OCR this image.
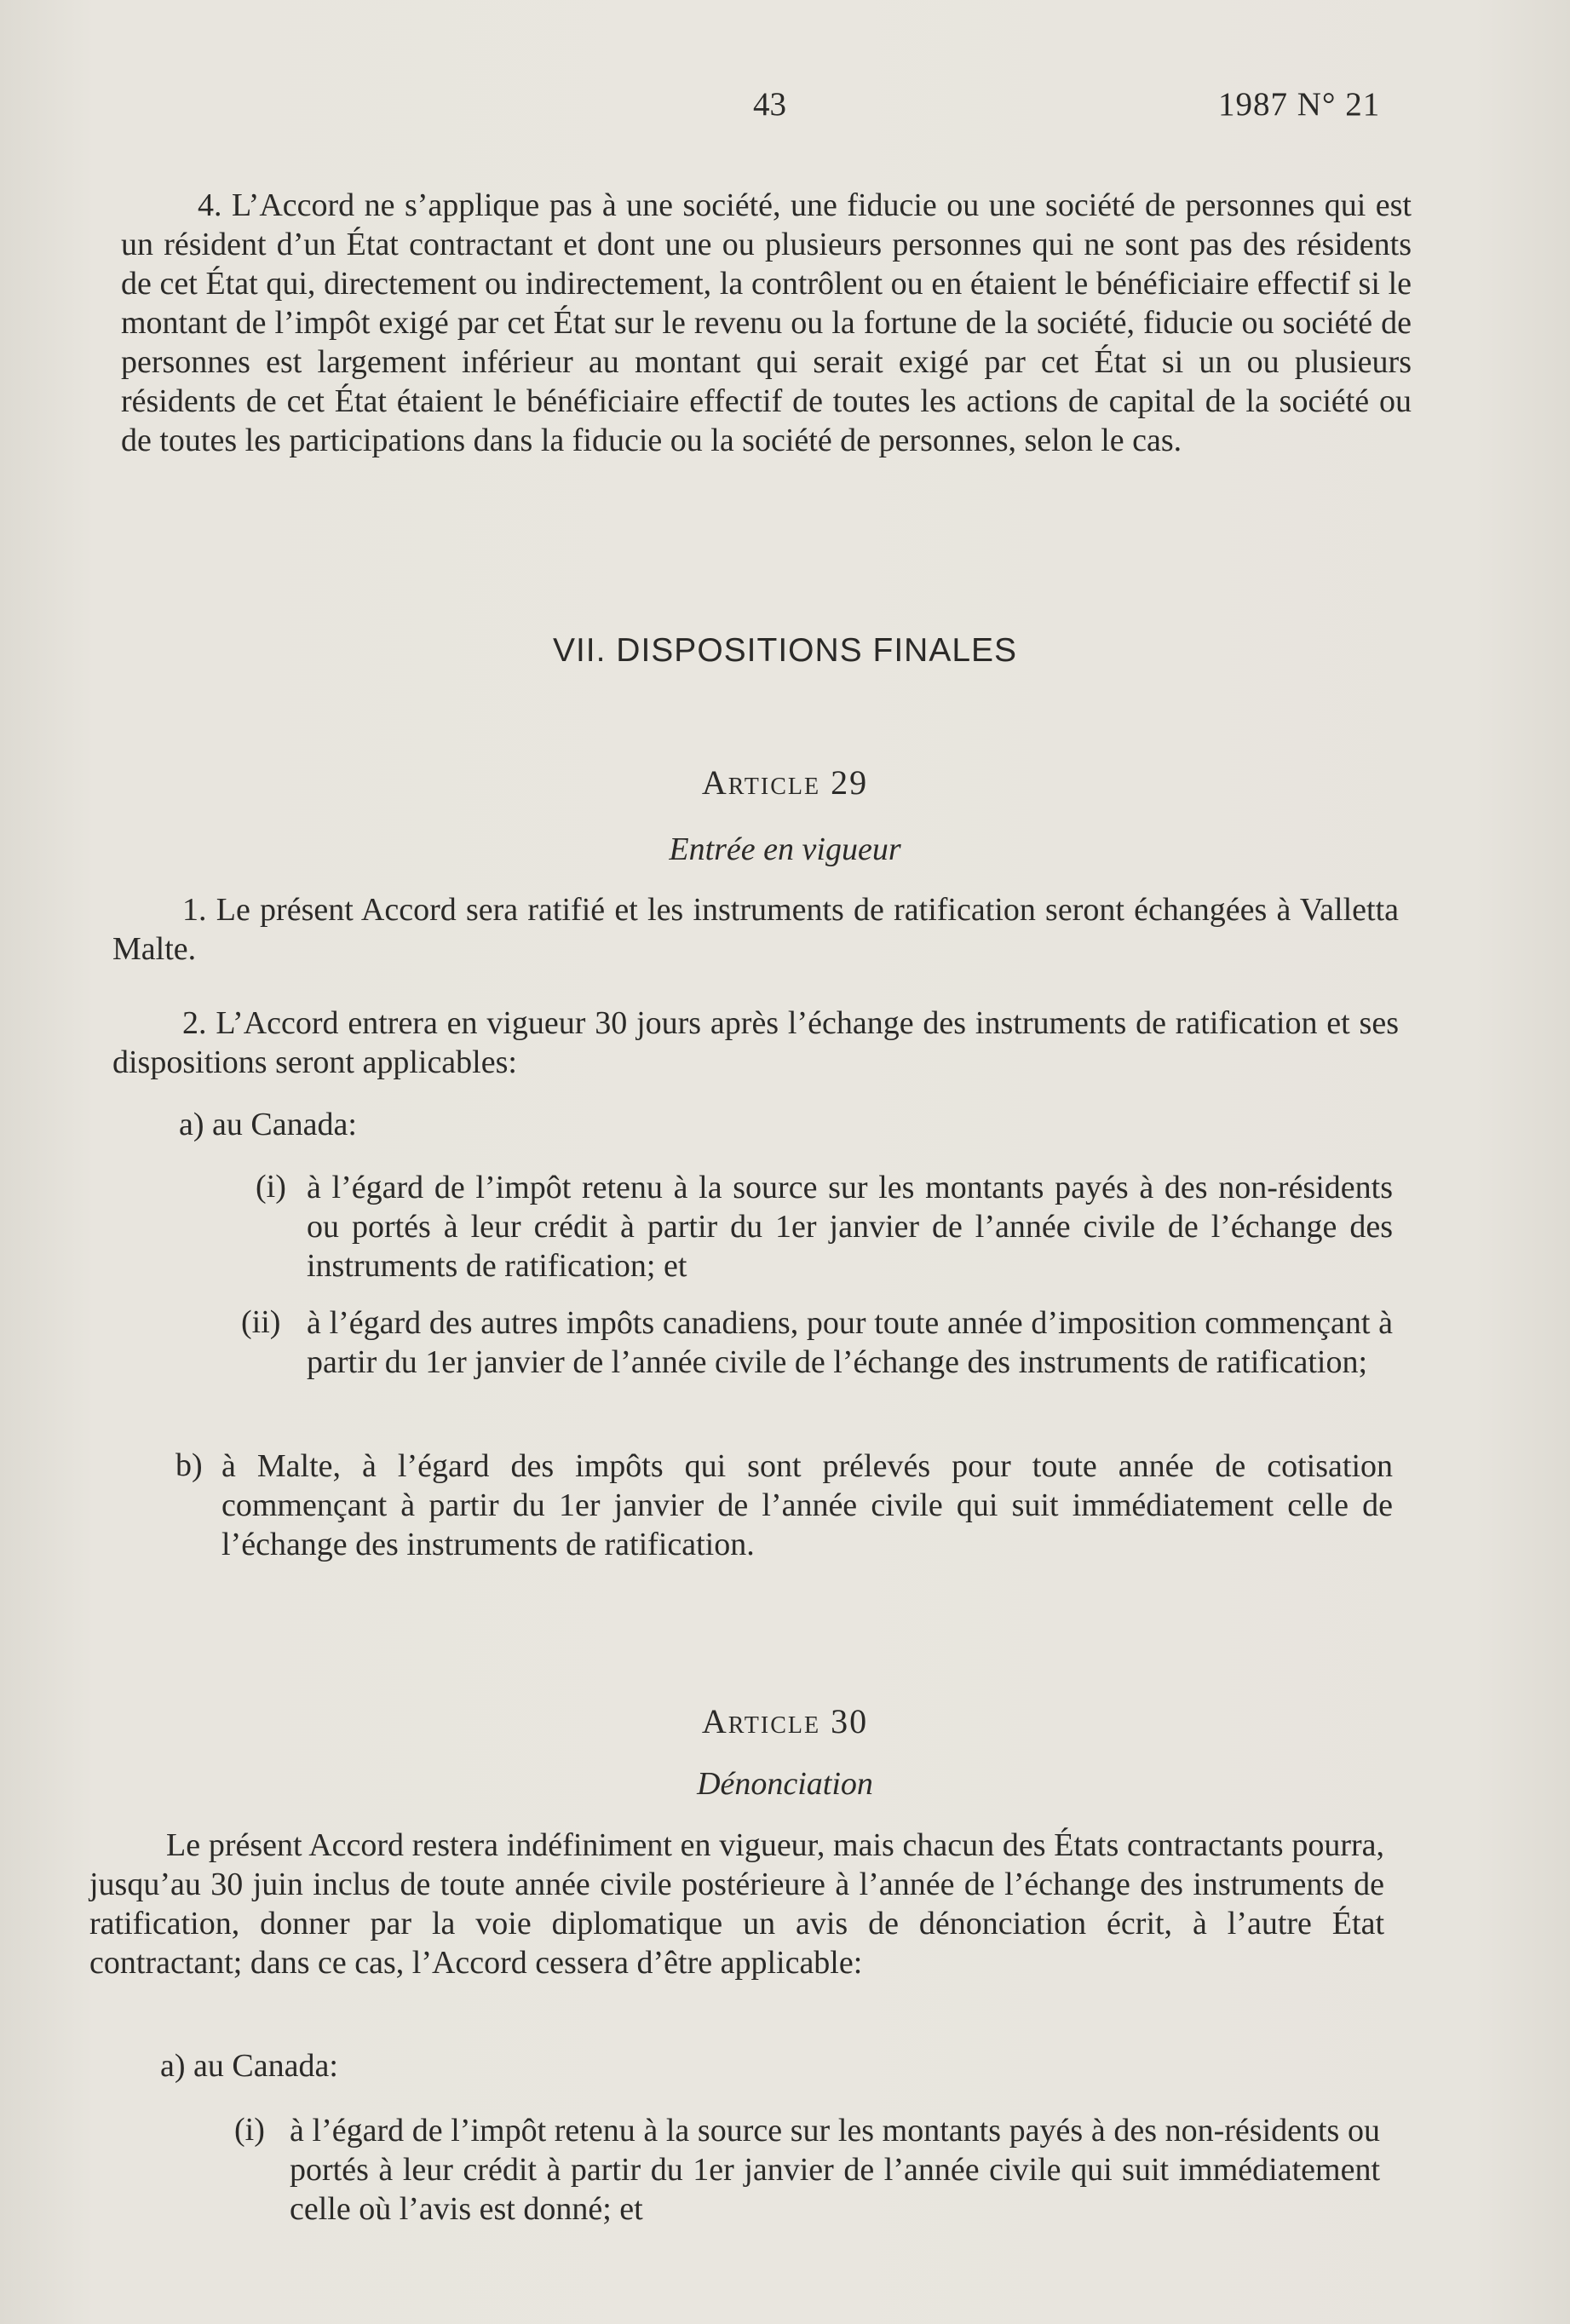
43	1987 N° 21

4. L’Accord ne s’applique pas à une société, une fiducie ou une société de personnes qui est un résident d’un État contractant et dont une ou plusieurs personnes qui ne sont pas des résidents de cet État qui, directement ou indirectement, la contrôlent ou en étaient le bénéficiaire effectif si le montant de l’impôt exigé par cet État sur le revenu ou la fortune de la société, fiducie ou société de personnes est largement inférieur au montant qui serait exigé par cet État si un ou plusieurs résidents de cet État étaient le bénéficiaire effectif de toutes les actions de capital de la société ou de toutes les participations dans la fiducie ou la société de personnes, selon le cas.

VII. DISPOSITIONS FINALES
Article 29
Entrée en vigueur

1. Le présent Accord sera ratifié et les instruments de ratification seront échangées à Valletta Malte.

2. L’Accord entrera en vigueur 30 jours après l’échange des instruments de ratification et ses dispositions seront applicables:

a) au Canada:
(i) à l’égard de l’impôt retenu à la source sur les montants payés à des non-résidents ou portés à leur crédit à partir du 1er janvier de l’année civile de l’échange des instruments de ratification; et

(ii) à l’égard des autres impôts canadiens, pour toute année d’imposition commençant à partir du 1er janvier de l’année civile de l’échange des instruments de ratification;

b) à Malte, à l’égard des impôts qui sont prélevés pour toute année de cotisation commençant à partir du 1er janvier de l’année civile qui suit immédiatement celle de l’échange des instruments de ratification.

Article 30
Dénonciation

Le présent Accord restera indéfiniment en vigueur, mais chacun des États contractants pourra, jusqu’au 30 juin inclus de toute année civile postérieure à l’année de l’échange des instruments de ratification, donner par la voie diplomatique un avis de dénonciation écrit, à l’autre État contractant; dans ce cas, l’Accord cessera d’être applicable:

a) au Canada:
(i) à l’égard de l’impôt retenu à la source sur les montants payés à des non-résidents ou portés à leur crédit à partir du 1er janvier de l’année civile qui suit immédiatement celle où l’avis est donné; et
